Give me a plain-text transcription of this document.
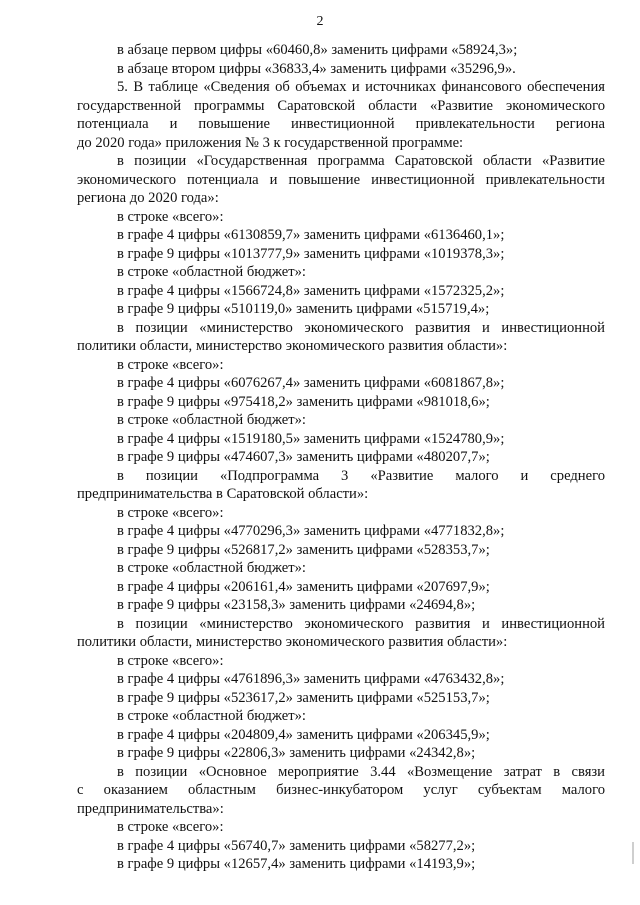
2
в абзаце первом цифры «60460,8» заменить цифрами «58924,3»;
в абзаце втором цифры «36833,4» заменить цифрами «35296,9».
5. В таблице «Сведения об объемах и источниках финансового обеспечения
государственной программы Саратовской области «Развитие экономического
потенциала и повышение инвестиционной привлекательности региона
до 2020 года» приложения № 3 к государственной программе:
в позиции «Государственная программа Саратовской области «Развитие
экономического потенциала и повышение инвестиционной привлекательности
региона до 2020 года»:
в строке «всего»:
в графе 4 цифры «6130859,7» заменить цифрами «6136460,1»;
в графе 9 цифры «1013777,9» заменить цифрами «1019378,3»;
в строке «областной бюджет»:
в графе 4 цифры «1566724,8» заменить цифрами «1572325,2»;
в графе 9 цифры «510119,0» заменить цифрами «515719,4»;
в позиции «министерство экономического развития и инвестиционной
политики области, министерство экономического развития области»:
в строке «всего»:
в графе 4 цифры «6076267,4» заменить цифрами «6081867,8»;
в графе 9 цифры «975418,2» заменить цифрами «981018,6»;
в строке «областной бюджет»:
в графе 4 цифры «1519180,5» заменить цифрами «1524780,9»;
в графе 9 цифры «474607,3» заменить цифрами «480207,7»;
в позиции «Подпрограмма 3 «Развитие малого и среднего
предпринимательства в Саратовской области»:
в строке «всего»:
в графе 4 цифры «4770296,3» заменить цифрами «4771832,8»;
в графе 9 цифры «526817,2» заменить цифрами «528353,7»;
в строке «областной бюджет»:
в графе 4 цифры «206161,4» заменить цифрами «207697,9»;
в графе 9 цифры «23158,3» заменить цифрами «24694,8»;
в позиции «министерство экономического развития и инвестиционной
политики области, министерство экономического развития области»:
в строке «всего»:
в графе 4 цифры «4761896,3» заменить цифрами «4763432,8»;
в графе 9 цифры «523617,2» заменить цифрами «525153,7»;
в строке «областной бюджет»:
в графе 4 цифры «204809,4» заменить цифрами «206345,9»;
в графе 9 цифры «22806,3» заменить цифрами «24342,8»;
в позиции «Основное мероприятие 3.44 «Возмещение затрат в связи
с оказанием областным бизнес-инкубатором услуг субъектам малого
предпринимательства»:
в строке «всего»:
в графе 4 цифры «56740,7» заменить цифрами «58277,2»;
в графе 9 цифры «12657,4» заменить цифрами «14193,9»;
